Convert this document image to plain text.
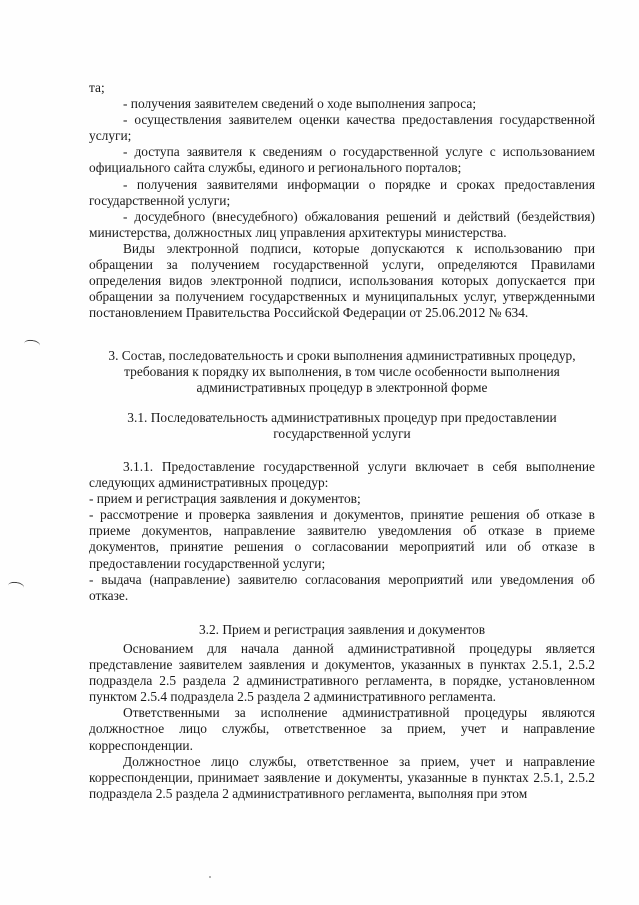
та;

- получения заявителем сведений о ходе выполнения запроса;

- осуществления заявителем оценки качества предоставления государственной услуги;

- доступа заявителя к сведениям о государственной услуге с использованием официального сайта службы, единого и регионального порталов;

- получения заявителями информации о порядке и сроках предоставления государственной услуги;

- досудебного (внесудебного) обжалования решений и действий (бездействия) министерства, должностных лиц управления архитектуры министерства.

Виды электронной подписи, которые допускаются к использованию при обращении за получением государственной услуги, определяются Правилами определения видов электронной подписи, использования которых допускается при обращении за получением государственных и муниципальных услуг, утвержденными постановлением Правительства Российской Федерации от 25.06.2012 № 634.

3. Состав, последовательность и сроки выполнения административных процедур, требования к порядку их выполнения, в том числе особенности выполнения административных процедур в электронной форме

3.1. Последовательность административных процедур при предоставлении государственной услуги

3.1.1. Предоставление государственной услуги включает в себя выполнение следующих административных процедур:

- прием и регистрация заявления и документов;

- рассмотрение и проверка заявления и документов, принятие решения об отказе в приеме документов, направление заявителю уведомления об отказе в приеме документов, принятие решения о согласовании мероприятий или об отказе в предоставлении государственной услуги;

- выдача (направление) заявителю согласования мероприятий или уведомления об отказе.

3.2. Прием и регистрация заявления и документов

Основанием для начала данной административной процедуры является представление заявителем заявления и документов, указанных в пунктах 2.5.1, 2.5.2 подраздела 2.5 раздела 2 административного регламента, в порядке, установленном пунктом 2.5.4 подраздела 2.5 раздела 2 административного регламента.

Ответственными за исполнение административной процедуры являются должностное лицо службы, ответственное за прием, учет и направление корреспонденции.

Должностное лицо службы, ответственное за прием, учет и направление корреспонденции, принимает заявление и документы, указанные в пунктах 2.5.1, 2.5.2 подраздела 2.5 раздела 2 административного регламента, выполняя при этом
